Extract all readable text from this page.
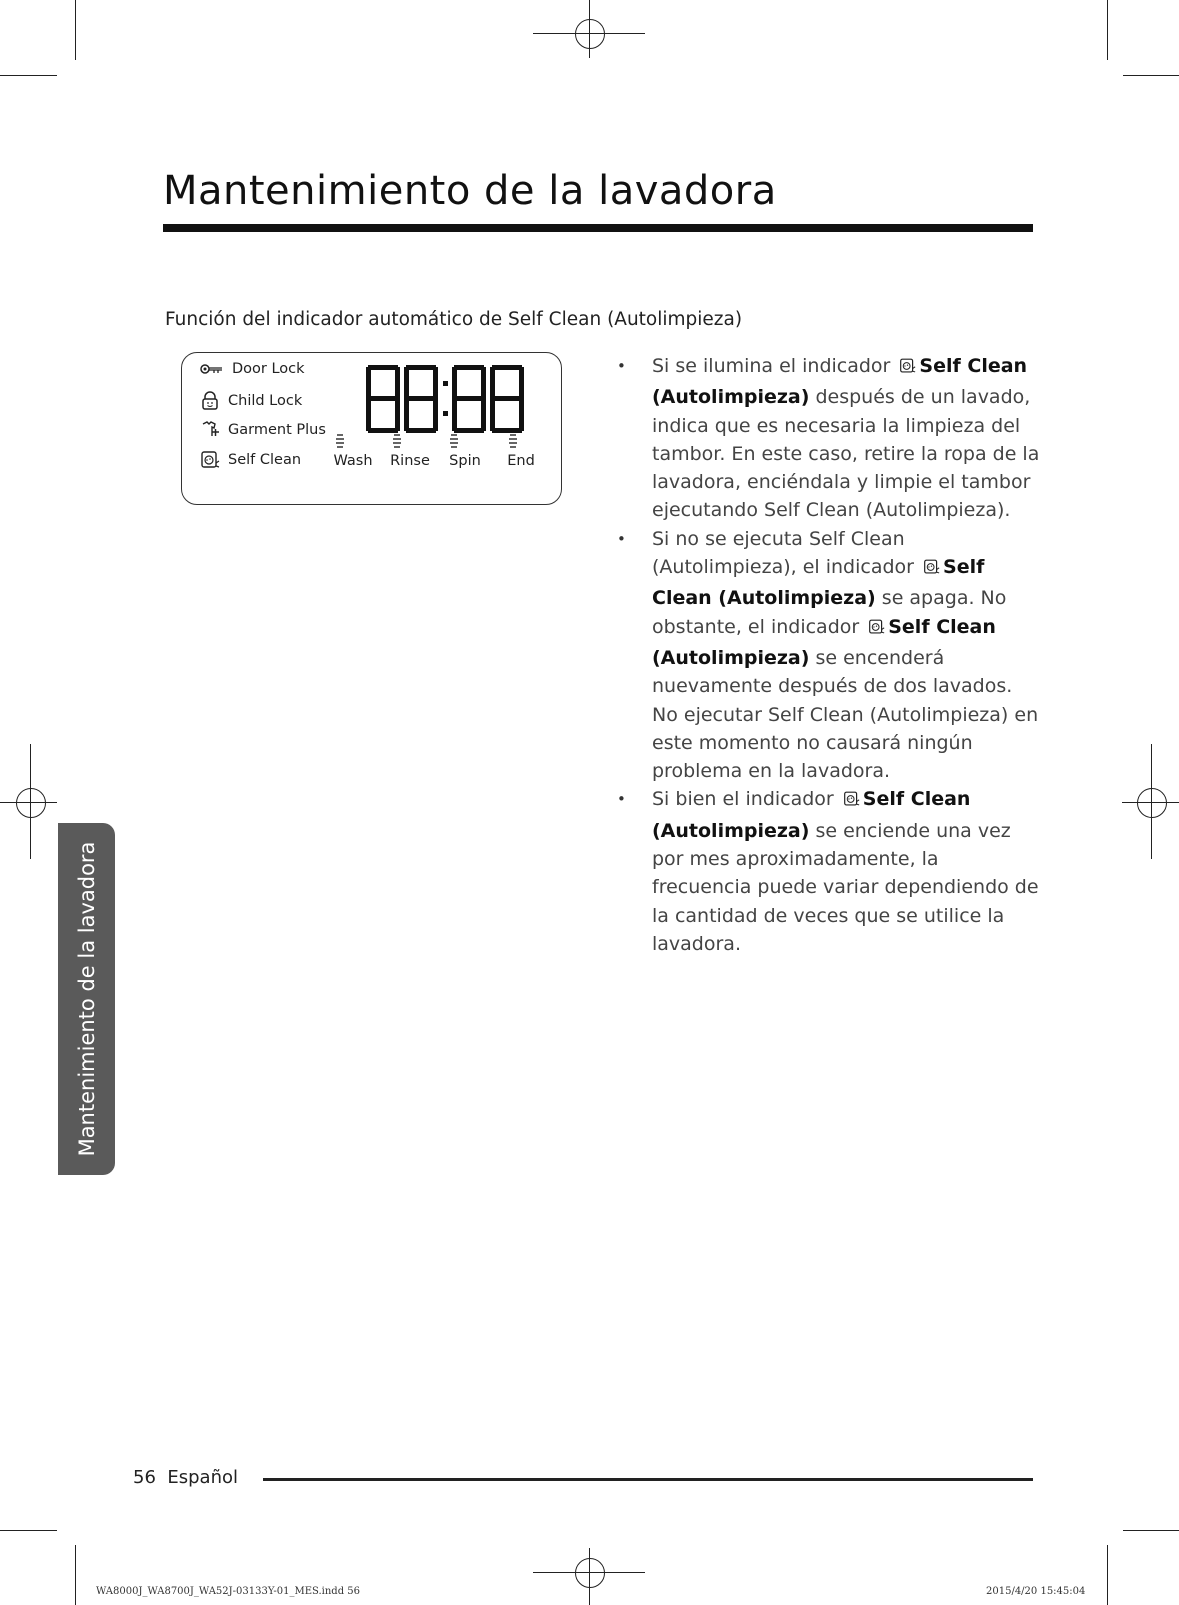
Mantenimiento de la lavadora
Función del indicador automático de Self Clean (Autolimpieza)
Door Lock
Child Lock
Garment Plus
Self Clean	Wash	Rinse	Spin	End
• Si se ilumina el indicador Self Clean (Autolimpieza) después de un lavado, indica que es necesaria la limpieza del tambor. En este caso, retire la ropa de la lavadora, enciéndala y limpie el tambor ejecutando Self Clean (Autolimpieza).
• Si no se ejecuta Self Clean (Autolimpieza), el indicador Self Clean (Autolimpieza) se apaga. No obstante, el indicador Self Clean (Autolimpieza) se encenderá nuevamente después de dos lavados. No ejecutar Self Clean (Autolimpieza) en este momento no causará ningún problema en la lavadora.
• Si bien el indicador Self Clean (Autolimpieza) se enciende una vez por mes aproximadamente, la frecuencia puede variar dependiendo de la cantidad de veces que se utilice la lavadora.
Mantenimiento de la lavadora
56 Español
WA8000J_WA8700J_WA52J-03133Y-01_MES.indd 56	2015/4/20 15:45:04
